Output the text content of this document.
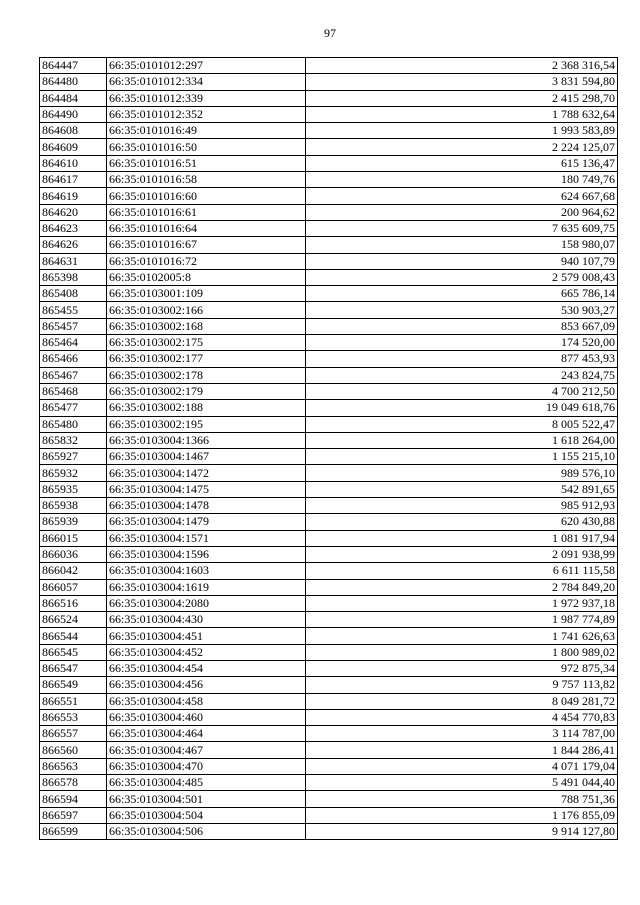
97
864447	66:35:0101012:297	2 368 316,54
864480	66:35:0101012:334	3 831 594,80
864484	66:35:0101012:339	2 415 298,70
864490	66:35:0101012:352	1 788 632,64
864608	66:35:0101016:49	1 993 583,89
864609	66:35:0101016:50	2 224 125,07
864610	66:35:0101016:51	615 136,47
864617	66:35:0101016:58	180 749,76
864619	66:35:0101016:60	624 667,68
864620	66:35:0101016:61	200 964,62
864623	66:35:0101016:64	7 635 609,75
864626	66:35:0101016:67	158 980,07
864631	66:35:0101016:72	940 107,79
865398	66:35:0102005:8	2 579 008,43
865408	66:35:0103001:109	665 786,14
865455	66:35:0103002:166	530 903,27
865457	66:35:0103002:168	853 667,09
865464	66:35:0103002:175	174 520,00
865466	66:35:0103002:177	877 453,93
865467	66:35:0103002:178	243 824,75
865468	66:35:0103002:179	4 700 212,50
865477	66:35:0103002:188	19 049 618,76
865480	66:35:0103002:195	8 005 522,47
865832	66:35:0103004:1366	1 618 264,00
865927	66:35:0103004:1467	1 155 215,10
865932	66:35:0103004:1472	989 576,10
865935	66:35:0103004:1475	542 891,65
865938	66:35:0103004:1478	985 912,93
865939	66:35:0103004:1479	620 430,88
866015	66:35:0103004:1571	1 081 917,94
866036	66:35:0103004:1596	2 091 938,99
866042	66:35:0103004:1603	6 611 115,58
866057	66:35:0103004:1619	2 784 849,20
866516	66:35:0103004:2080	1 972 937,18
866524	66:35:0103004:430	1 987 774,89
866544	66:35:0103004:451	1 741 626,63
866545	66:35:0103004:452	1 800 989,02
866547	66:35:0103004:454	972 875,34
866549	66:35:0103004:456	9 757 113,82
866551	66:35:0103004:458	8 049 281,72
866553	66:35:0103004:460	4 454 770,83
866557	66:35:0103004:464	3 114 787,00
866560	66:35:0103004:467	1 844 286,41
866563	66:35:0103004:470	4 071 179,04
866578	66:35:0103004:485	5 491 044,40
866594	66:35:0103004:501	788 751,36
866597	66:35:0103004:504	1 176 855,09
866599	66:35:0103004:506	9 914 127,80
